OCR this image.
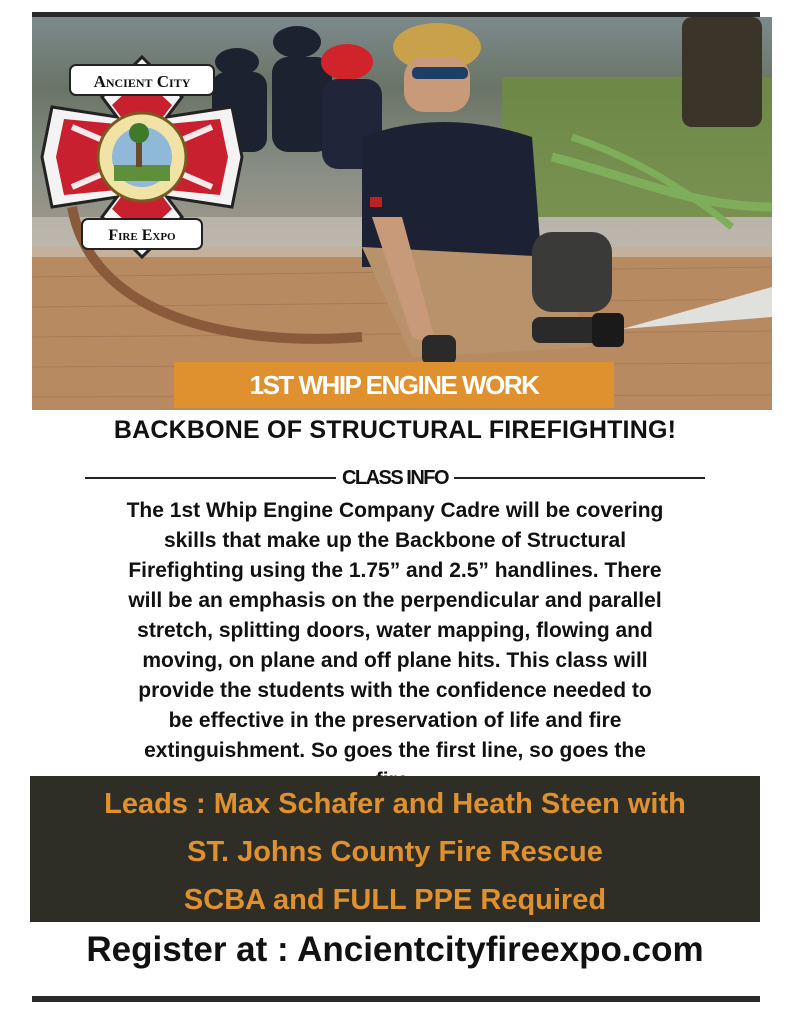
Ancient City
Fire Expo
1ST WHIP ENGINE WORK
BACKBONE OF STRUCTURAL FIREFIGHTING!
CLASS INFO
The 1st Whip Engine Company Cadre will be covering
skills that make up the Backbone of Structural
Firefighting using the 1.75” and 2.5” handlines. There
will be an emphasis on the perpendicular and parallel
stretch, splitting doors, water mapping, flowing and
moving, on plane and off plane hits. This class will
provide the students with the confidence needed to
be effective in the preservation of life and fire
extinguishment. So goes the first line, so goes the
Leads : Max Schafer and Heath Steen with
ST. Johns County Fire Rescue
SCBA and FULL PPE Required
Register at : Ancientcityfireexpo.com
